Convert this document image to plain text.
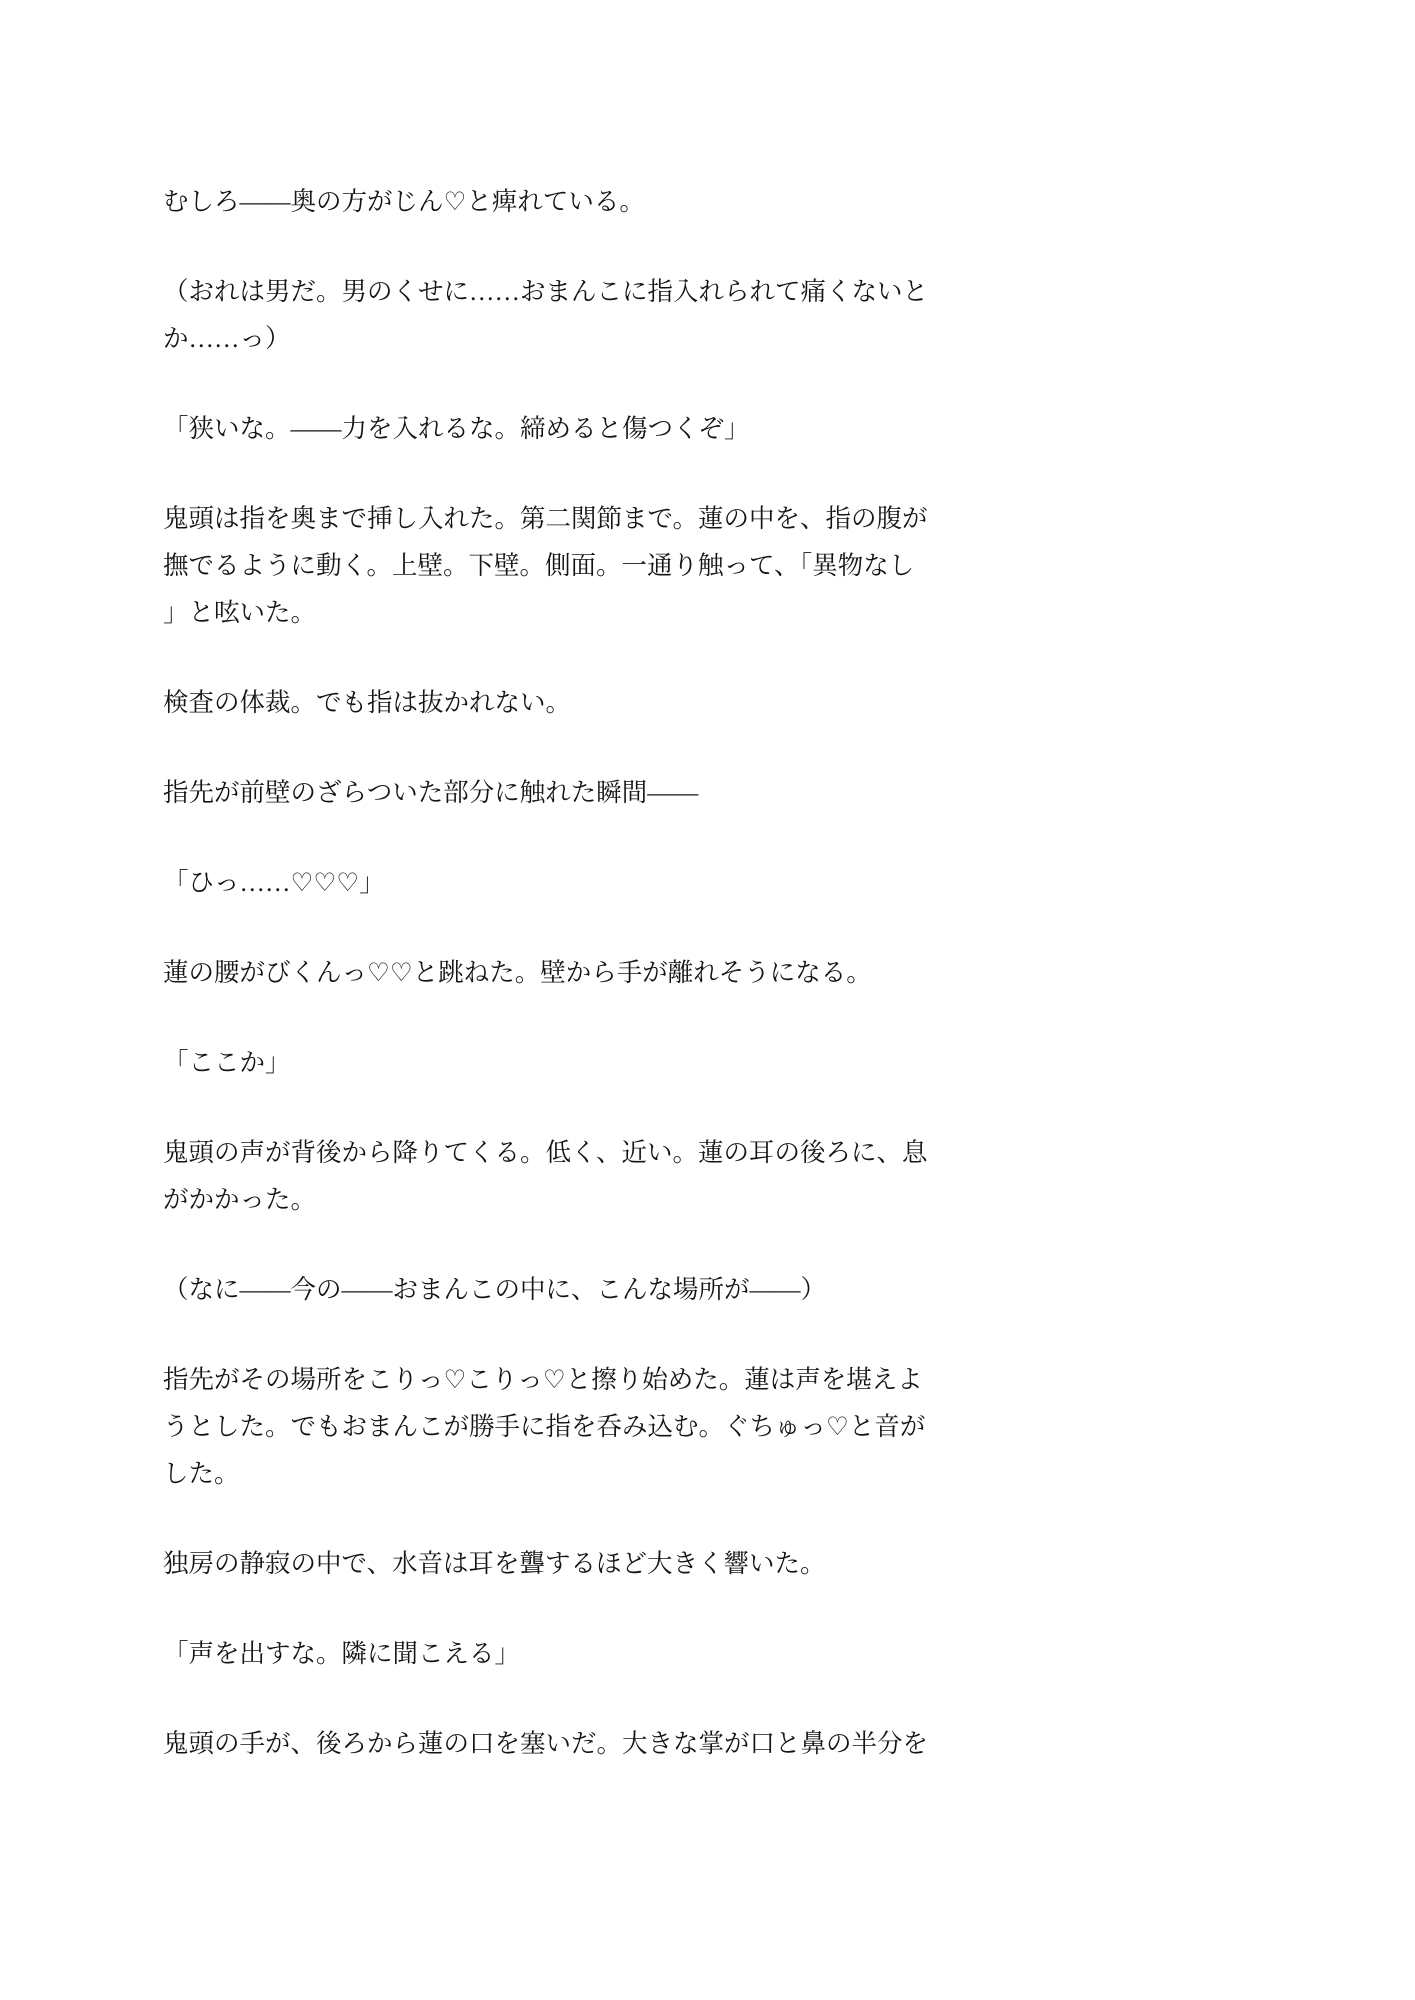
むしろ——奥の方がじん♡と痺れている。
（おれは男だ。男のくせに……おまんこに指入れられて痛くないと
か……っ）
「狭いな。——力を入れるな。締めると傷つくぞ」
鬼頭は指を奥まで挿し入れた。第二関節まで。蓮の中を、指の腹が
撫でるように動く。上壁。下壁。側面。一通り触って、「異物なし
」と呟いた。
検査の体裁。でも指は抜かれない。
指先が前壁のざらついた部分に触れた瞬間——
「ひっ……♡♡♡」
蓮の腰がびくんっ♡♡と跳ねた。壁から手が離れそうになる。
「ここか」
鬼頭の声が背後から降りてくる。低く、近い。蓮の耳の後ろに、息
がかかった。
（なに——今の——おまんこの中に、こんな場所が——）
指先がその場所をこりっ♡こりっ♡と擦り始めた。蓮は声を堪えよ
うとした。でもおまんこが勝手に指を呑み込む。ぐちゅっ♡と音が
した。
独房の静寂の中で、水音は耳を聾するほど大きく響いた。
「声を出すな。隣に聞こえる」
鬼頭の手が、後ろから蓮の口を塞いだ。大きな掌が口と鼻の半分を
